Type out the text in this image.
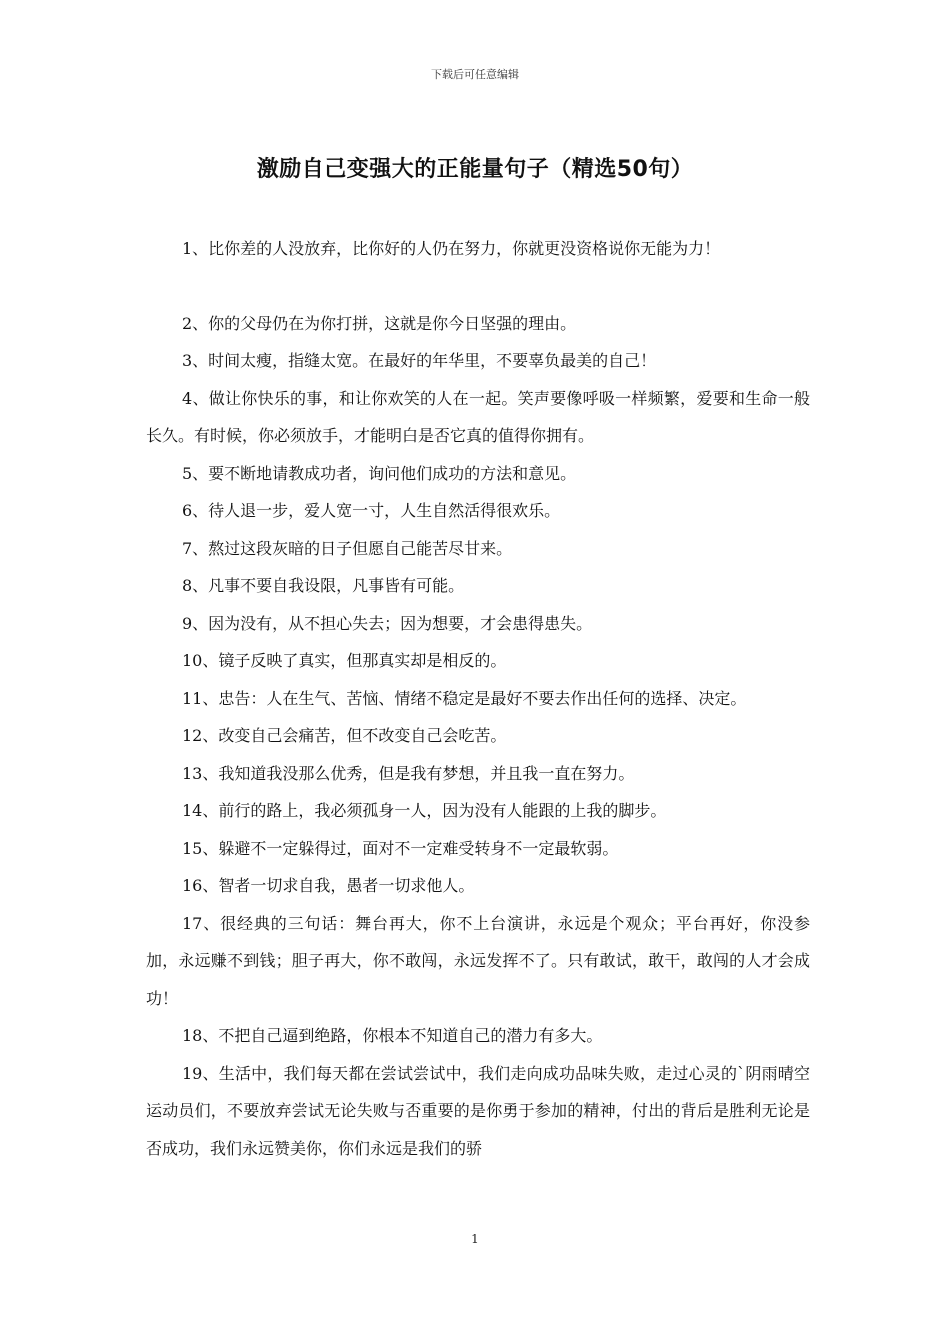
下载后可任意编辑
激励自己变强大的正能量句子（精选50句）

1、比你差的人没放弃，比你好的人仍在努力，你就更没资格说你无能为力！

2、你的父母仍在为你打拼，这就是你今日坚强的理由。

3、时间太瘦，指缝太宽。在最好的年华里，不要辜负最美的自己！

4、做让你快乐的事，和让你欢笑的人在一起。笑声要像呼吸一样频繁，爱要和生命一般长久。有时候，你必须放手，才能明白是否它真的值得你拥有。

5、要不断地请教成功者，询问他们成功的方法和意见。

6、待人退一步，爱人宽一寸，人生自然活得很欢乐。

7、熬过这段灰暗的日子但愿自己能苦尽甘来。

8、凡事不要自我设限，凡事皆有可能。

9、因为没有，从不担心失去；因为想要，才会患得患失。

10、镜子反映了真实，但那真实却是相反的。

11、忠告：人在生气、苦恼、情绪不稳定是最好不要去作出任何的选择、决定。

12、改变自己会痛苦，但不改变自己会吃苦。

13、我知道我没那么优秀，但是我有梦想，并且我一直在努力。

14、前行的路上，我必须孤身一人，因为没有人能跟的上我的脚步。

15、躲避不一定躲得过，面对不一定难受转身不一定最软弱。

16、智者一切求自我，愚者一切求他人。

17、很经典的三句话：舞台再大，你不上台演讲，永远是个观众；平台再好，你没参加，永远赚不到钱；胆子再大，你不敢闯，永远发挥不了。只有敢试，敢干，敢闯的人才会成功！

18、不把自己逼到绝路，你根本不知道自己的潜力有多大。

19、生活中，我们每天都在尝试尝试中，我们走向成功品味失败，走过心灵的`阴雨晴空运动员们，不要放弃尝试无论失败与否重要的是你勇于参加的精神，付出的背后是胜利无论是否成功，我们永远赞美你，你们永远是我们的骄

1
